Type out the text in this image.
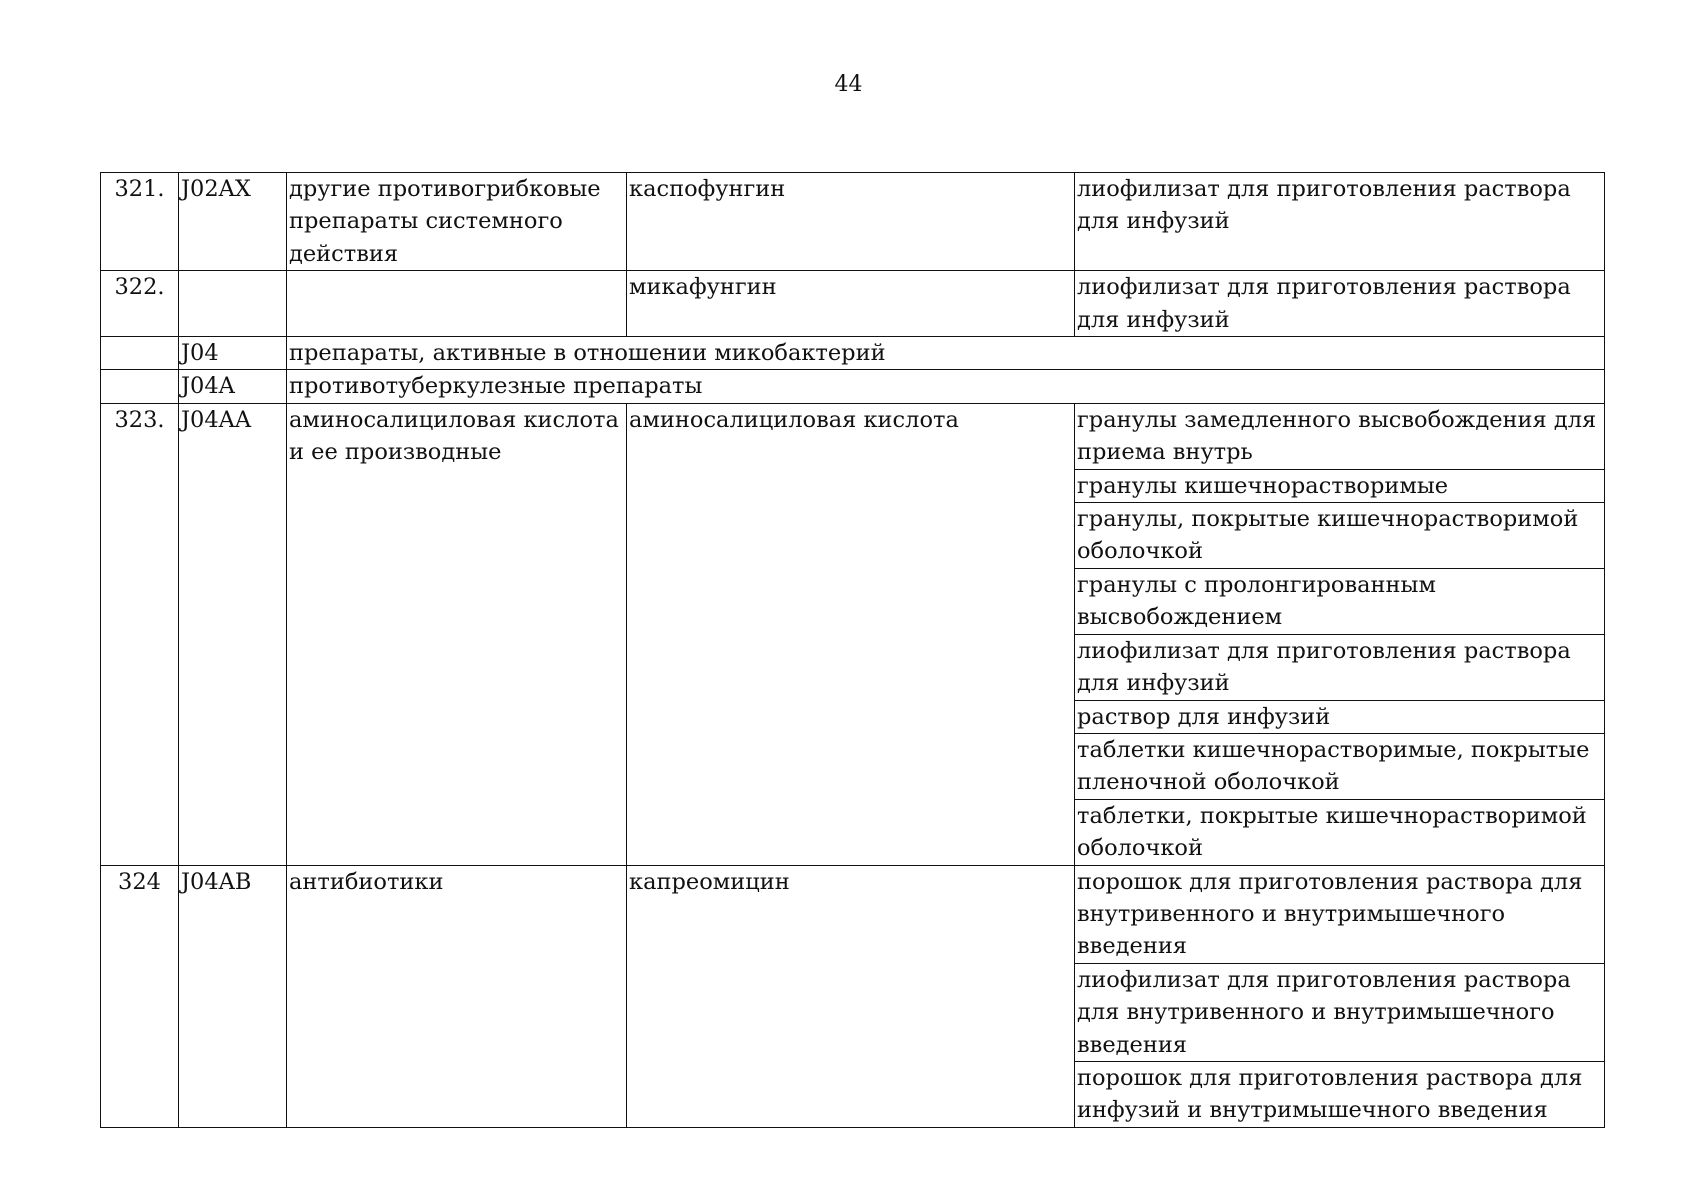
44
321.	J02AX	другие противогрибковые препараты системного действия	каспофунгин	лиофилизат для приготовления раствора для инфузий
322.			микафунгин	лиофилизат для приготовления раствора для инфузий
	J04	препараты, активные в отношении микобактерий		
	J04A	противотуберкулезные препараты		
323.	J04AA	аминосалициловая кислота и ее производные	аминосалициловая кислота	гранулы замедленного высвобождения для приема внутрь
				гранулы кишечнорастворимые
				гранулы, покрытые кишечнорастворимой оболочкой
				гранулы с пролонгированным высвобождением
				лиофилизат для приготовления раствора для инфузий
				раствор для инфузий
				таблетки кишечнорастворимые, покрытые пленочной оболочкой
				таблетки, покрытые кишечнорастворимой оболочкой
324	J04AB	антибиотики	капреомицин	порошок для приготовления раствора для внутривенного и внутримышечного введения
				лиофилизат для приготовления раствора для внутривенного и внутримышечного введения
				порошок для приготовления раствора для инфузий и внутримышечного введения
